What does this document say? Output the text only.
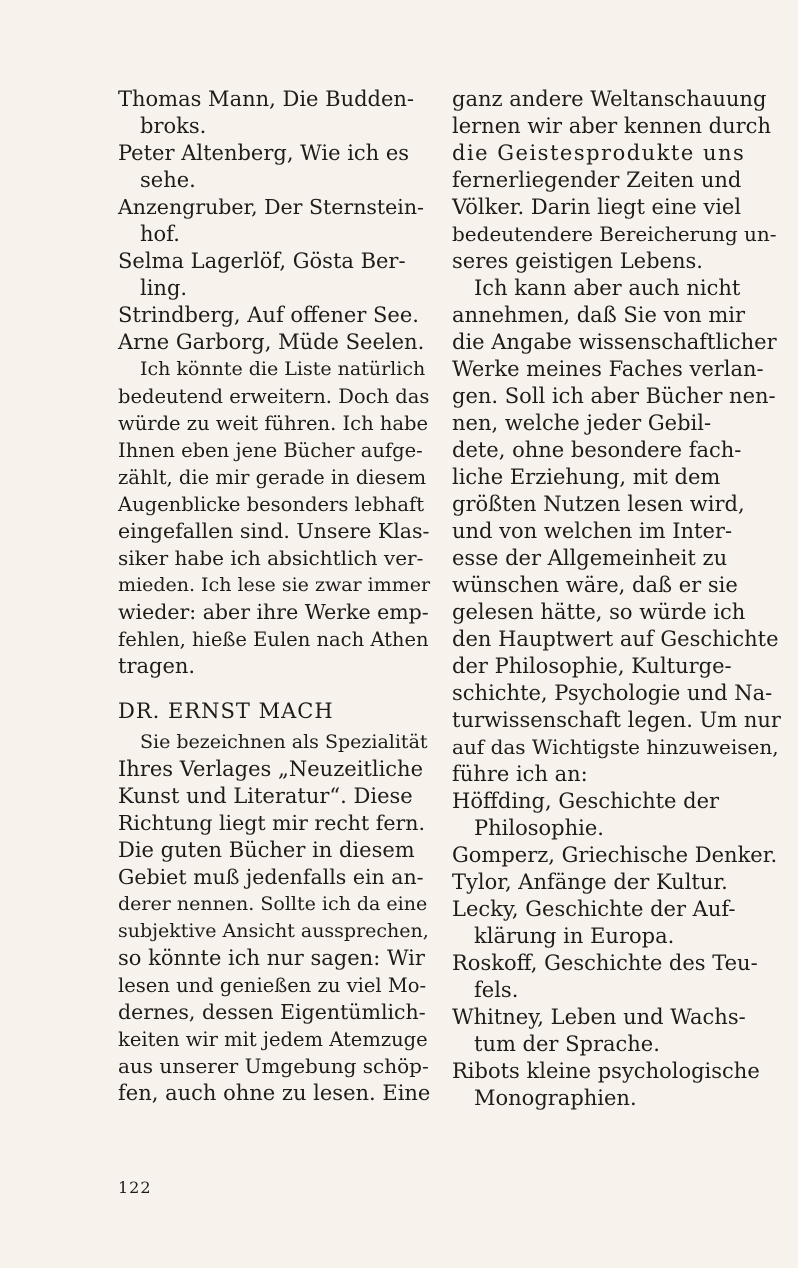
Thomas Mann, Die Budden-
broks.
Peter Altenberg, Wie ich es
sehe.
Anzengruber, Der Sternstein-
hof.
Selma Lagerlöf, Gösta Ber-
ling.
Strindberg, Auf offener See.
Arne Garborg, Müde Seelen.
Ich könnte die Liste natürlich
bedeutend erweitern. Doch das
würde zu weit führen. Ich habe
Ihnen eben jene Bücher aufge-
zählt, die mir gerade in diesem
Augenblicke besonders lebhaft
eingefallen sind. Unsere Klas-
siker habe ich absichtlich ver-
mieden. Ich lese sie zwar immer
wieder: aber ihre Werke emp-
fehlen, hieße Eulen nach Athen
tragen.
DR. ERNST MACH
Sie bezeichnen als Spezialität
Ihres Verlages „Neuzeitliche
Kunst und Literatur“. Diese
Richtung liegt mir recht fern.
Die guten Bücher in diesem
Gebiet muß jedenfalls ein an-
derer nennen. Sollte ich da eine
subjektive Ansicht aussprechen,
so könnte ich nur sagen: Wir
lesen und genießen zu viel Mo-
dernes, dessen Eigentümlich-
keiten wir mit jedem Atemzuge
aus unserer Umgebung schöp-
fen, auch ohne zu lesen. Eine
ganz andere Weltanschauung
lernen wir aber kennen durch
die Geistesprodukte uns
fernerliegender Zeiten und
Völker. Darin liegt eine viel
bedeutendere Bereicherung un-
seres geistigen Lebens.
Ich kann aber auch nicht
annehmen, daß Sie von mir
die Angabe wissenschaftlicher
Werke meines Faches verlan-
gen. Soll ich aber Bücher nen-
nen, welche jeder Gebil-
dete, ohne besondere fach-
liche Erziehung, mit dem
größten Nutzen lesen wird,
und von welchen im Inter-
esse der Allgemeinheit zu
wünschen wäre, daß er sie
gelesen hätte, so würde ich
den Hauptwert auf Geschichte
der Philosophie, Kulturge-
schichte, Psychologie und Na-
turwissenschaft legen. Um nur
auf das Wichtigste hinzuweisen,
führe ich an:
Höffding, Geschichte der
Philosophie.
Gomperz, Griechische Denker.
Tylor, Anfänge der Kultur.
Lecky, Geschichte der Auf-
klärung in Europa.
Roskoff, Geschichte des Teu-
fels.
Whitney, Leben und Wachs-
tum der Sprache.
Ribots kleine psychologische
Monographien.
122
